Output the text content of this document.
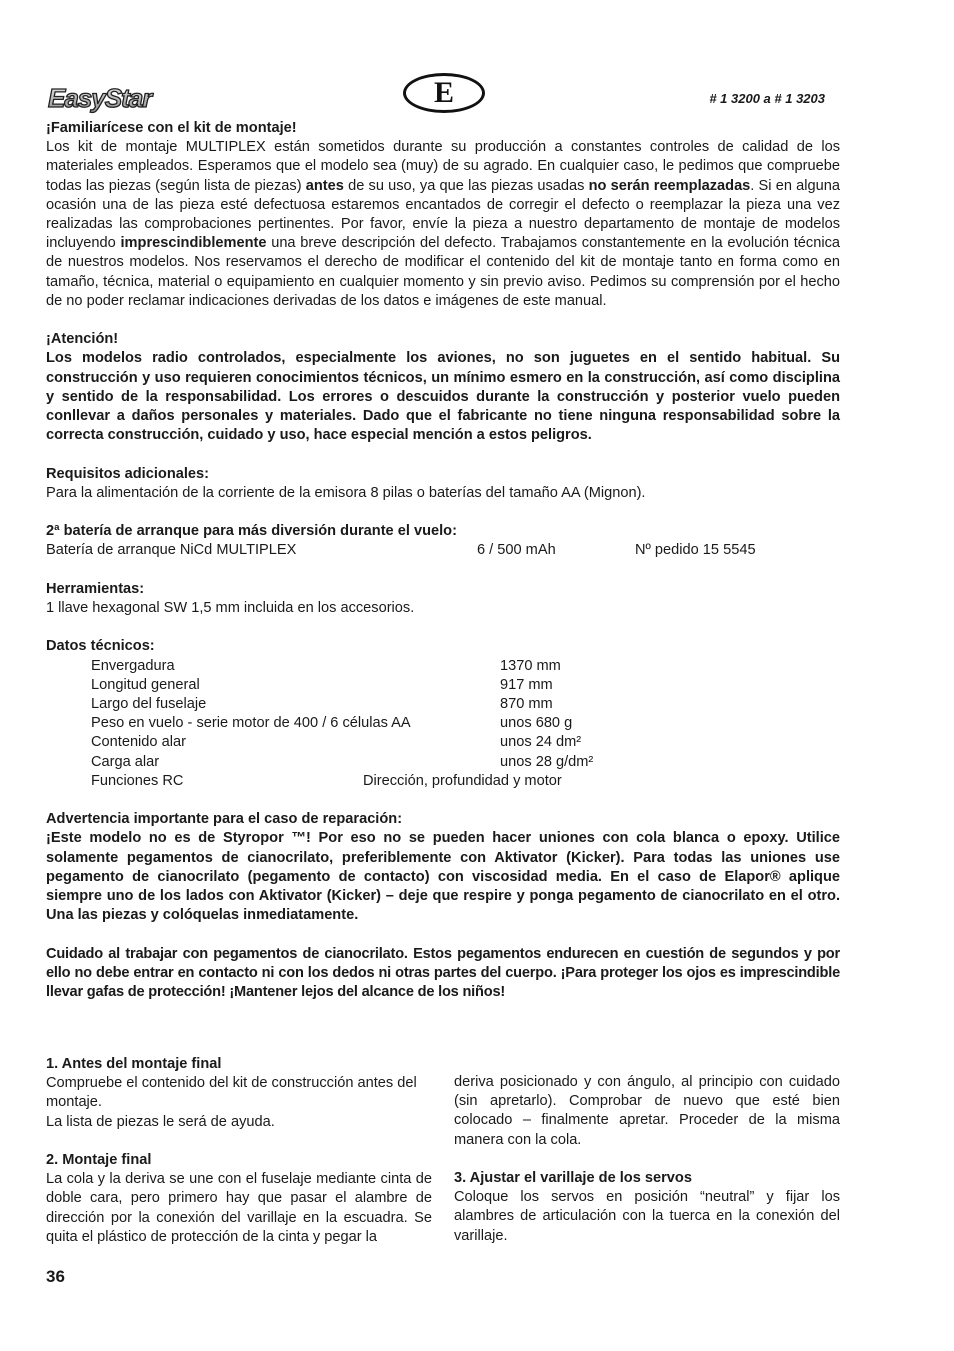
EasyStar	E	# 1 3200 a # 1 3203

¡Familiarícese con el kit de montaje!

Los kit de montaje MULTIPLEX están sometidos durante su producción a constantes controles de calidad de los materiales empleados. Esperamos que el modelo sea (muy) de su agrado. En cualquier caso, le pedimos que compruebe todas las piezas (según lista de piezas) antes de su uso, ya que las piezas usadas no serán reemplazadas. Si en alguna ocasión una de las pieza esté defectuosa estaremos encantados de corregir el defecto o reemplazar la pieza una vez realizadas las comprobaciones pertinentes. Por favor, envíe la pieza a nuestro departamento de montaje de modelos incluyendo imprescindiblemente una breve descripción del defecto. Trabajamos constantemente en la evolución técnica de nuestros modelos. Nos reservamos el derecho de modificar el contenido del kit de montaje tanto en forma como en tamaño, técnica, material o equipamiento en cualquier momento y sin previo aviso. Pedimos su comprensión por el hecho de no poder reclamar indicaciones derivadas de los datos e imágenes de este manual.

¡Atención!

Los modelos radio controlados, especialmente los aviones, no son juguetes en el sentido habitual. Su construcción y uso requieren conocimientos técnicos, un mínimo esmero en la construcción, así como disciplina y sentido de la responsabilidad. Los errores o descuidos durante la construcción y posterior vuelo pueden conllevar a daños personales y materiales. Dado que el fabricante no tiene ninguna responsabilidad sobre la correcta construcción, cuidado y uso, hace especial mención a estos peligros.

Requisitos adicionales:

Para la alimentación de la corriente de la emisora 8 pilas o baterías del tamaño AA (Mignon).

2ª batería de arranque para más diversión durante el vuelo:

Batería de arranque NiCd MULTIPLEX	6 / 500 mAh	Nº pedido 15 5545

Herramientas:

1 llave hexagonal SW 1,5 mm incluida en los accesorios.

Datos técnicos:

Envergadura	1370 mm
Longitud general	917 mm
Largo del fuselaje	870 mm
Peso en vuelo - serie motor de 400 / 6 células AA	unos 680 g
Contenido alar	unos 24 dm²
Carga alar	unos 28 g/dm²
Funciones RC	Dirección, profundidad y motor

Advertencia importante para el caso de reparación:

¡Este modelo no es de Styropor ™! Por eso no se pueden hacer uniones con cola blanca o epoxy. Utilice solamente pegamentos de cianocrilato, preferiblemente con Aktivator (Kicker). Para todas las uniones use pegamento de cianocrilato (pegamento de contacto) con viscosidad media. En el caso de Elapor® aplique siempre uno de los lados con Aktivator (Kicker) – deje que respire y ponga pegamento de cianocrilato en el otro. Una las piezas y colóquelas inmediatamente.

Cuidado al trabajar con pegamentos de cianocrilato. Estos pegamentos endurecen en cuestión de segundos y por ello no debe entrar en contacto ni con los dedos ni otras partes del cuerpo. ¡Para proteger los ojos es imprescindible llevar gafas de protección! ¡Mantener lejos del alcance de los niños!

1. Antes del montaje final

Compruebe el contenido del kit de construcción antes del montaje.

La lista de piezas le será de ayuda.

2. Montaje final

La cola y la deriva se une con el fuselaje mediante cinta de doble cara, pero primero hay que pasar el alambre de dirección por la conexión del varillaje en la escuadra. Se quita el plástico de protección de la cinta y pegar la

deriva posicionado y con ángulo, al principio con cuidado (sin apretarlo). Comprobar de nuevo que esté bien colocado – finalmente apretar. Proceder de la misma manera con la cola.

3. Ajustar el varillaje de los servos

Coloque los servos en posición “neutral” y fijar los alambres de articulación con la tuerca en la conexión del varillaje.

36
